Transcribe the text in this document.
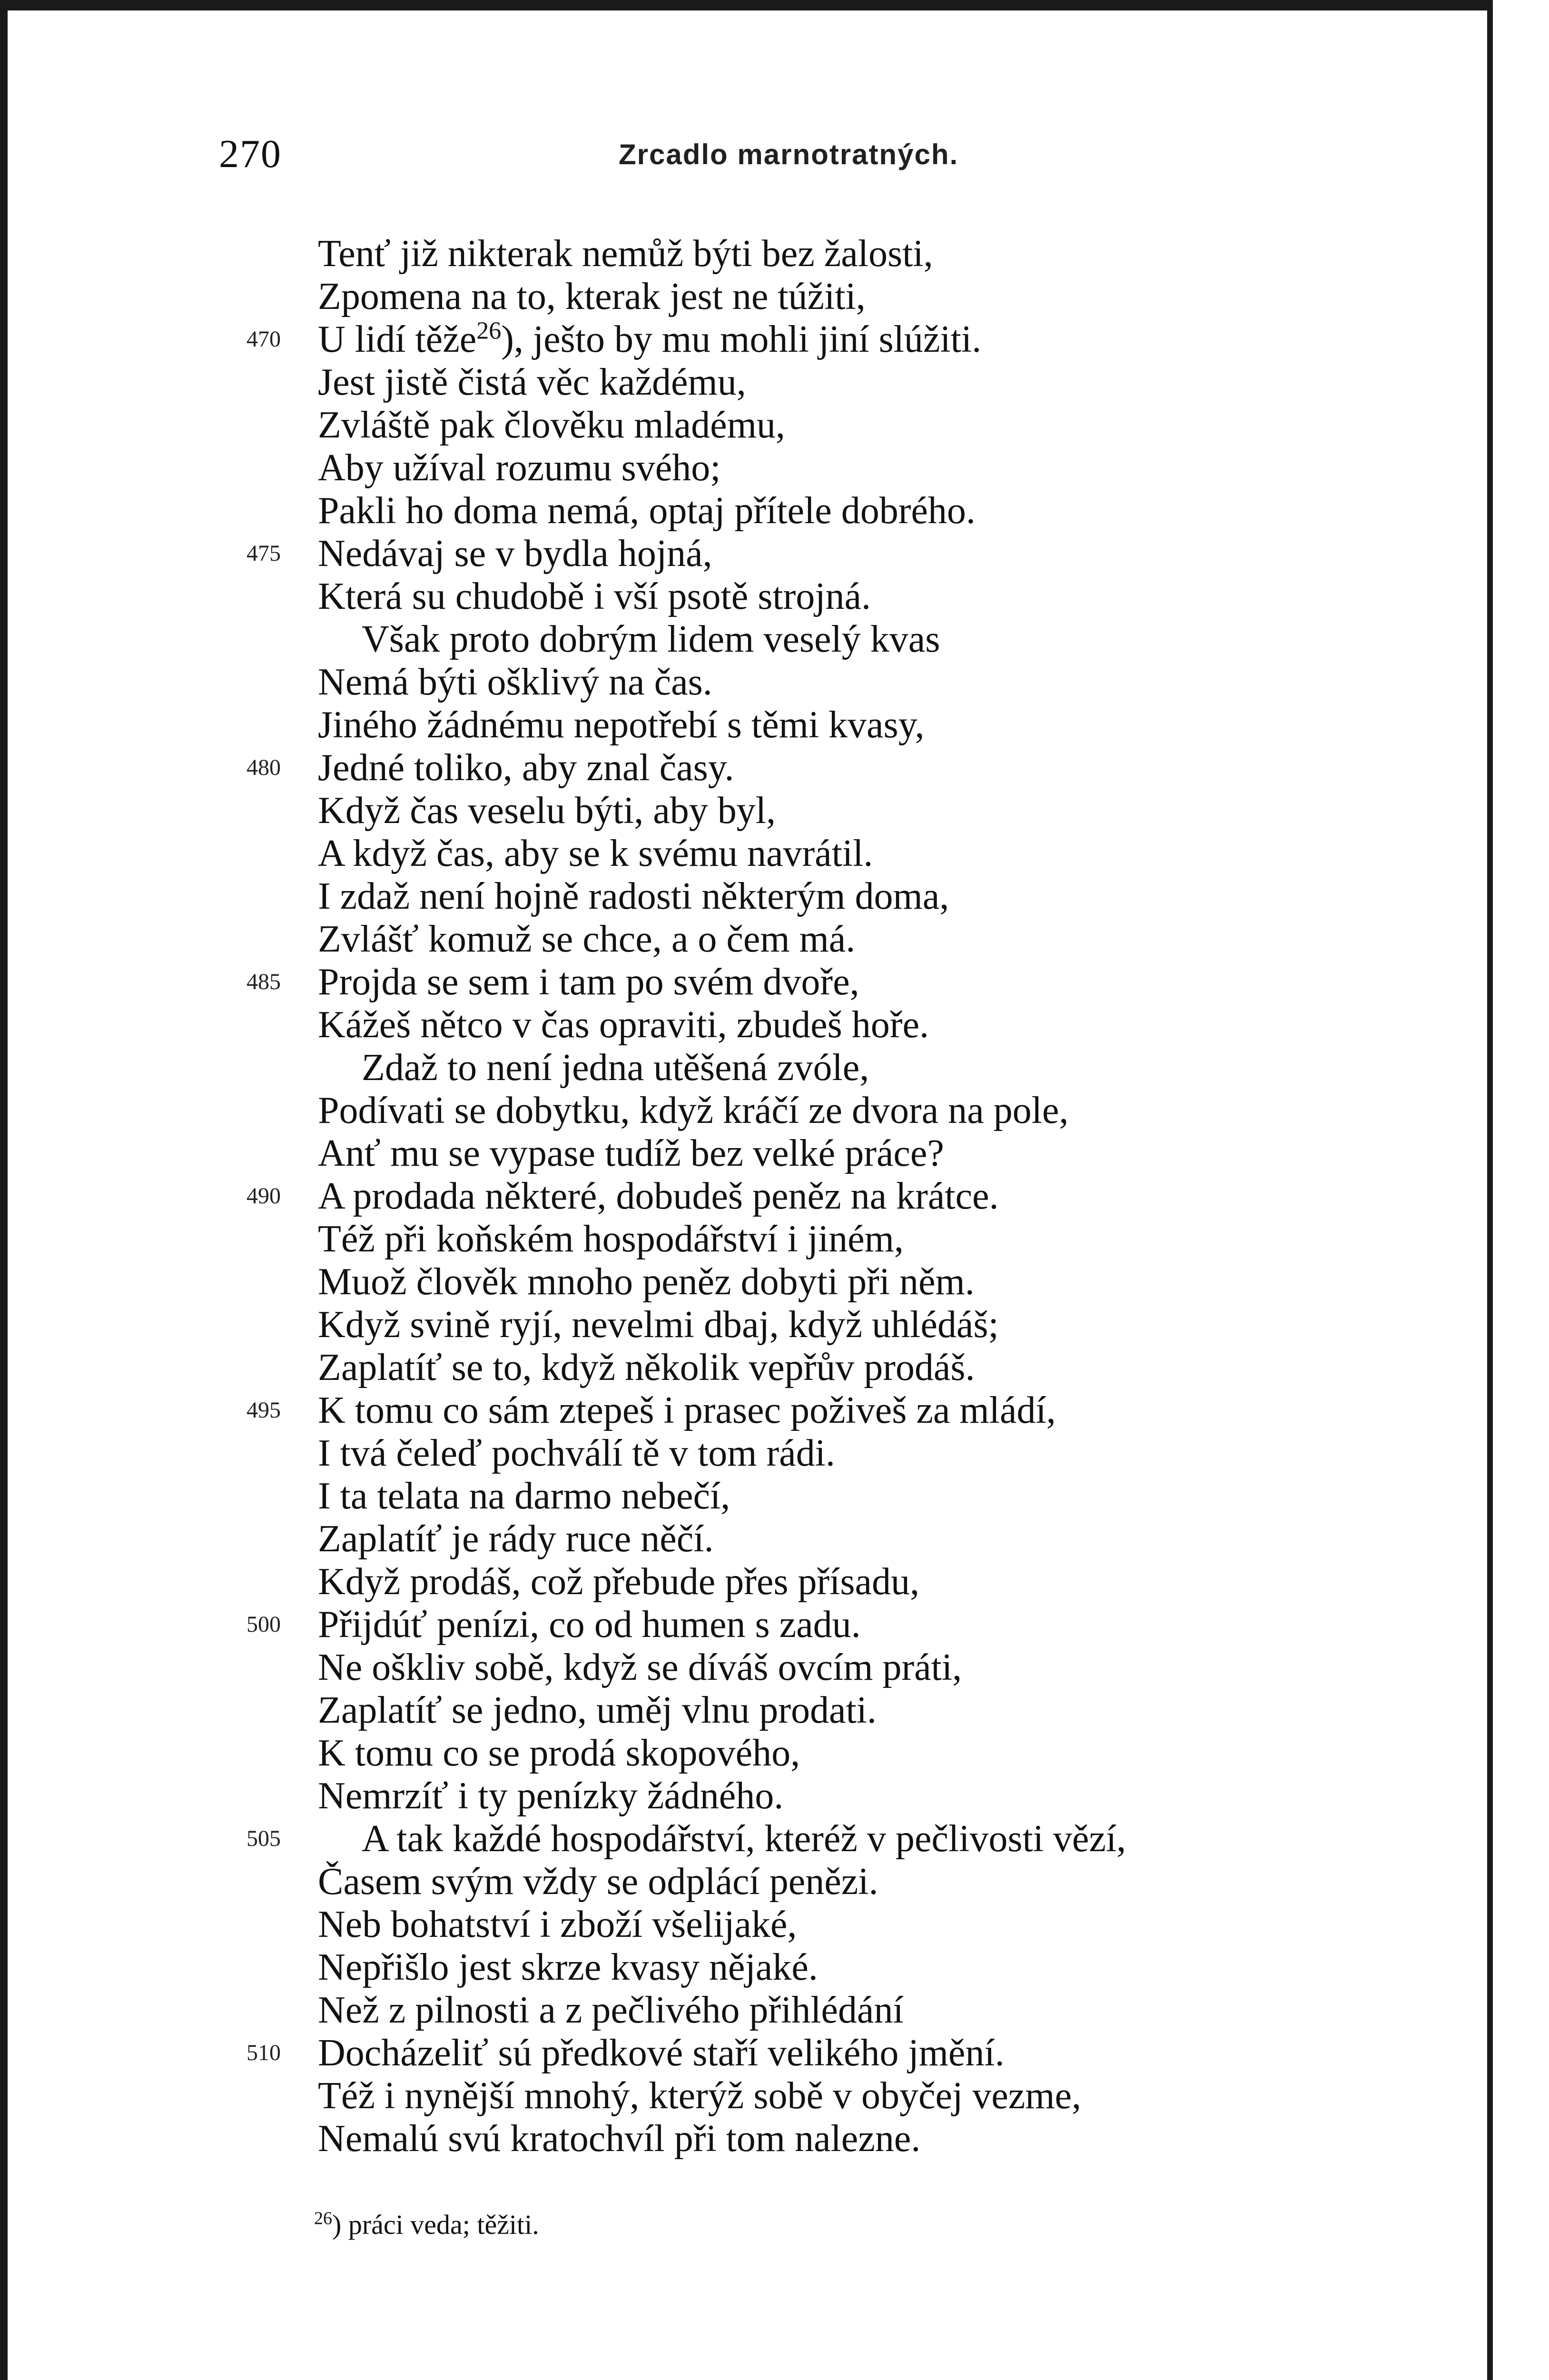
270	Zrcadlo marnotratných.
Tenť již nikterak nemůž býti bez žalosti,
Zpomena na to, kterak jest ne túžiti,
470 U lidí těže$^{26}$), ješto by mu mohli jiní slúžiti.
Jest jistě čistá věc každému,
Zvláště pak člověku mladému,
Aby užíval rozumu svého;
Pakli ho doma nemá, optaj přítele dobrého.
475 Nedávaj se v bydla hojná,
Která su chudobě i vší psotě strojná.
Však proto dobrým lidem veselý kvas
Nemá býti ošklivý na čas.
Jiného žádnému nepotřebí s těmi kvasy,
480 Jedné toliko, aby znal časy.
Když čas veselu býti, aby byl,
A když čas, aby se k svému navrátil.
I zdaž není hojně radosti některým doma,
Zvlášť komuž se chce, a o čem má.
485 Projda se sem i tam po svém dvoře,
Kážeš nětco v čas opraviti, zbudeš hoře.
Zdaž to není jedna utěšená zvóle,
Podívati se dobytku, když kráčí ze dvora na pole,
Anť mu se vypase tudíž bez velké práce?
490 A prodada některé, dobudeš peněz na krátce.
Též při koňském hospodářství i jiném,
Muož člověk mnoho peněz dobyti při něm.
Když svině ryjí, nevelmi dbaj, když uhlédáš;
Zaplatíť se to, když několik vepřův prodáš.
495 K tomu co sám ztepeš i prasec poživeš za mládí,
I tvá čeleď pochválí tě v tom rádi.
I ta telata na darmo nebečí,
Zaplatíť je rády ruce něčí.
Když prodáš, což přebude přes přísadu,
500 Přijdúť penízi, co od humen s zadu.
Ne oškliv sobě, když se díváš ovcím práti,
Zaplatíť se jedno, uměj vlnu prodati.
K tomu co se prodá skopového,
Nemrzíť i ty penízky žádného.
505	A tak každé hospodářství, kteréž v pečlivosti vězí,
Časem svým vždy se odplácí penězi.
Neb bohatství i zboží všelijaké,
Nepřišlo jest skrze kvasy nějaké.
Než z pilnosti a z pečlivého přihlédání
510 Docházeliť sú předkové staří velikého jmění.
Též i nynější mnohý, kterýž sobě v obyčej vezme,
Nemalú svú kratochvíl při tom nalezne.
$^{26}$) práci veda; těžiti.
